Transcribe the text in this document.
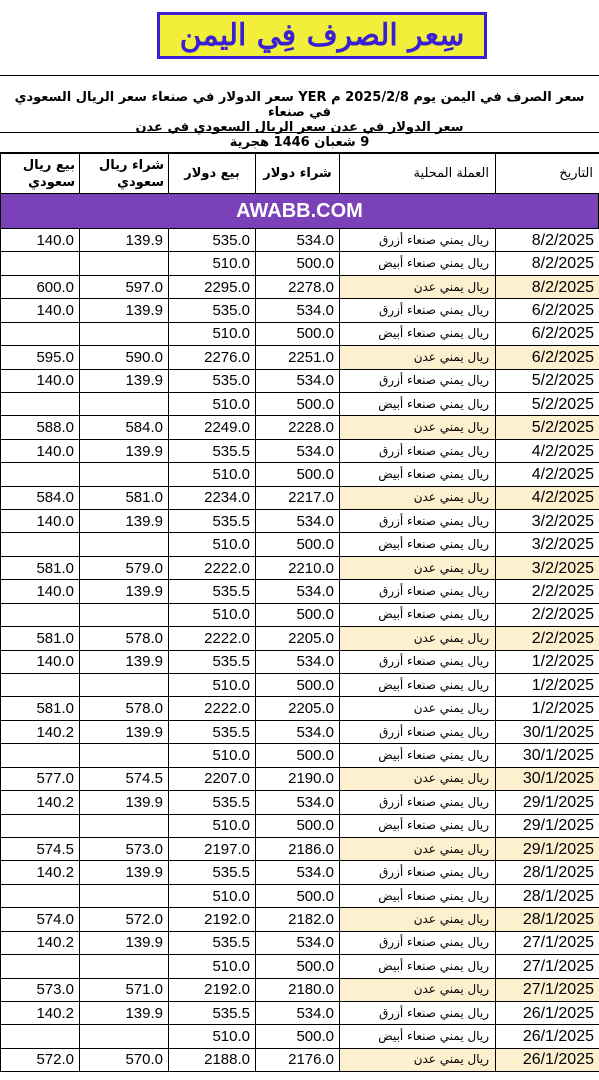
سِعر الصرف فِي اليمن
سعر الصرف في اليمن يوم 2025/2/8 م YER سعر الدولار في صنعاء سعر الريال السعودي في صنعاء
سعر الدولار في عدن سعر الريال السعودي في عدن
9 شعبان 1446 هجرية
بيع ريال سعودي	شراء ريال سعودي	بيع دولار	شراء دولار	العملة المحلية	التاريخ
AWABB.COM
140.0	139.9	535.0	534.0	ريال يمني صنعاء أزرق	8/2/2025
		510.0	500.0	ريال يمني صنعاء أبيض	8/2/2025
600.0	597.0	2295.0	2278.0	ريال يمني عدن	8/2/2025
140.0	139.9	535.0	534.0	ريال يمني صنعاء أزرق	6/2/2025
		510.0	500.0	ريال يمني صنعاء أبيض	6/2/2025
595.0	590.0	2276.0	2251.0	ريال يمني عدن	6/2/2025
140.0	139.9	535.0	534.0	ريال يمني صنعاء أزرق	5/2/2025
		510.0	500.0	ريال يمني صنعاء أبيض	5/2/2025
588.0	584.0	2249.0	2228.0	ريال يمني عدن	5/2/2025
140.0	139.9	535.5	534.0	ريال يمني صنعاء أزرق	4/2/2025
		510.0	500.0	ريال يمني صنعاء أبيض	4/2/2025
584.0	581.0	2234.0	2217.0	ريال يمني عدن	4/2/2025
140.0	139.9	535.5	534.0	ريال يمني صنعاء أزرق	3/2/2025
		510.0	500.0	ريال يمني صنعاء أبيض	3/2/2025
581.0	579.0	2222.0	2210.0	ريال يمني عدن	3/2/2025
140.0	139.9	535.5	534.0	ريال يمني صنعاء أزرق	2/2/2025
		510.0	500.0	ريال يمني صنعاء أبيض	2/2/2025
581.0	578.0	2222.0	2205.0	ريال يمني عدن	2/2/2025
140.0	139.9	535.5	534.0	ريال يمني صنعاء أزرق	1/2/2025
		510.0	500.0	ريال يمني صنعاء أبيض	1/2/2025
581.0	578.0	2222.0	2205.0	ريال يمني عدن	1/2/2025
140.2	139.9	535.5	534.0	ريال يمني صنعاء أزرق	30/1/2025
		510.0	500.0	ريال يمني صنعاء أبيض	30/1/2025
577.0	574.5	2207.0	2190.0	ريال يمني عدن	30/1/2025
140.2	139.9	535.5	534.0	ريال يمني صنعاء أزرق	29/1/2025
		510.0	500.0	ريال يمني صنعاء أبيض	29/1/2025
574.5	573.0	2197.0	2186.0	ريال يمني عدن	29/1/2025
140.2	139.9	535.5	534.0	ريال يمني صنعاء أزرق	28/1/2025
		510.0	500.0	ريال يمني صنعاء أبيض	28/1/2025
574.0	572.0	2192.0	2182.0	ريال يمني عدن	28/1/2025
140.2	139.9	535.5	534.0	ريال يمني صنعاء أزرق	27/1/2025
		510.0	500.0	ريال يمني صنعاء أبيض	27/1/2025
573.0	571.0	2192.0	2180.0	ريال يمني عدن	27/1/2025
140.2	139.9	535.5	534.0	ريال يمني صنعاء أزرق	26/1/2025
		510.0	500.0	ريال يمني صنعاء أبيض	26/1/2025
572.0	570.0	2188.0	2176.0	ريال يمني عدن	26/1/2025
